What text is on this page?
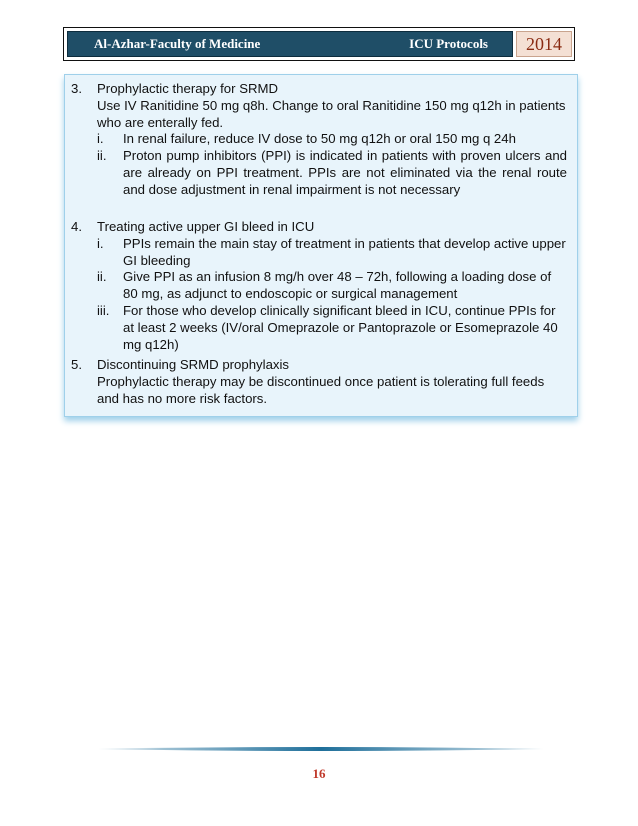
Al-Azhar-Faculty of Medicine	ICU Protocols	2014
3. Prophylactic therapy for SRMD
Use IV Ranitidine 50 mg q8h. Change to oral Ranitidine 150 mg q12h in patients who are enterally fed.
i. In renal failure, reduce IV dose to 50 mg q12h or oral 150 mg q 24h
ii. Proton pump inhibitors (PPI) is indicated in patients with proven ulcers and are already on PPI treatment. PPIs are not eliminated via the renal route and dose adjustment in renal impairment is not necessary
4. Treating active upper GI bleed in ICU
i. PPIs remain the main stay of treatment in patients that develop active upper GI bleeding
ii. Give PPI as an infusion 8 mg/h over 48 – 72h, following a loading dose of 80 mg, as adjunct to endoscopic or surgical management
iii. For those who develop clinically significant bleed in ICU, continue PPIs for at least 2 weeks (IV/oral Omeprazole or Pantoprazole or Esomeprazole 40 mg q12h)
5. Discontinuing SRMD prophylaxis
Prophylactic therapy may be discontinued once patient is tolerating full feeds and has no more risk factors.
16
